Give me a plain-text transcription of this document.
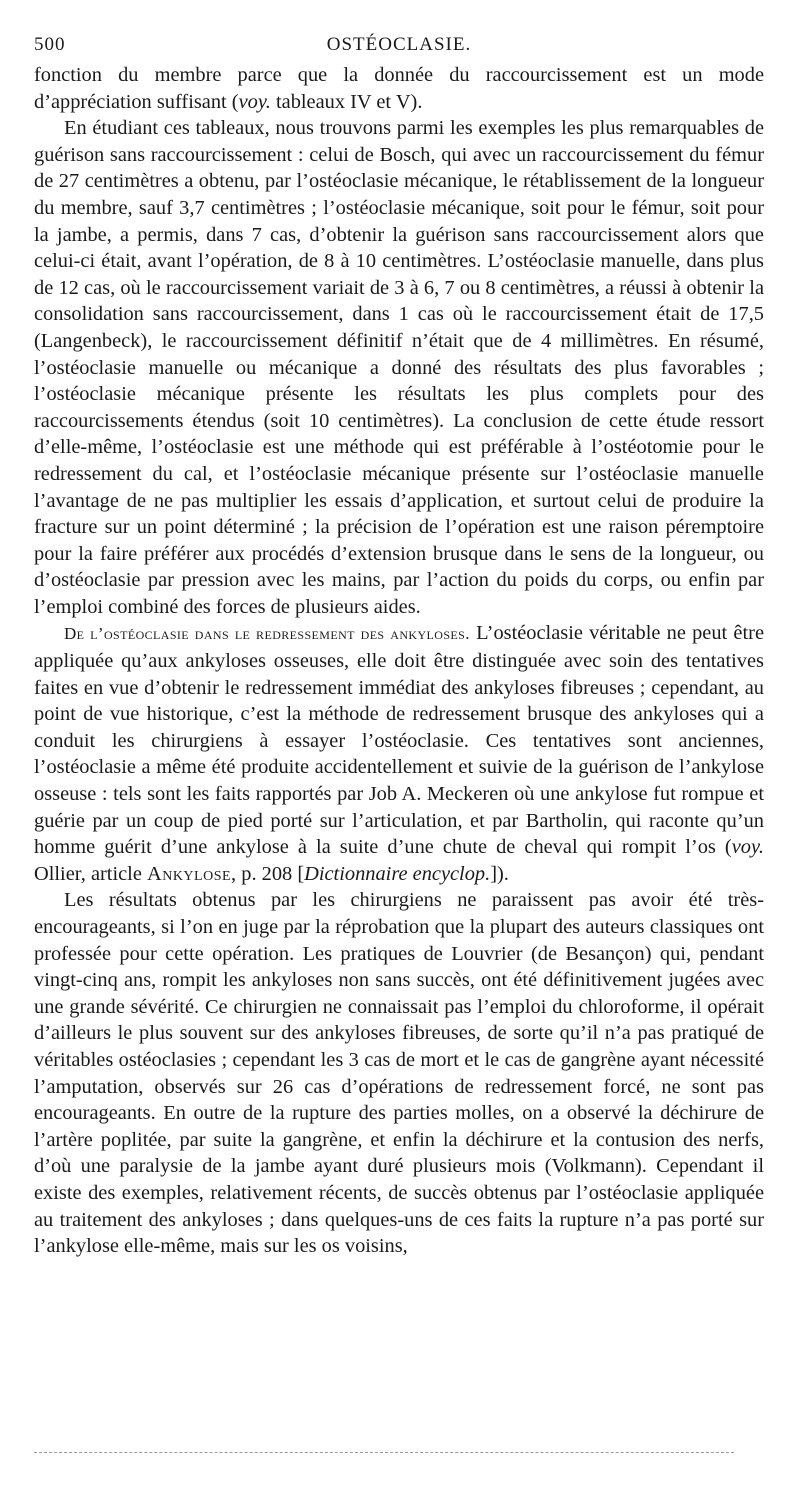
500	OSTÉOCLASIE.

fonction du membre parce que la donnée du raccourcissement est un mode d’appréciation suffisant (voy. tableaux IV et V).

En étudiant ces tableaux, nous trouvons parmi les exemples les plus remarquables de guérison sans raccourcissement : celui de Bosch, qui avec un raccourcissement du fémur de 27 centimètres a obtenu, par l’ostéoclasie mécanique, le rétablissement de la longueur du membre, sauf 3,7 centimètres ; l’ostéoclasie mécanique, soit pour le fémur, soit pour la jambe, a permis, dans 7 cas, d’obtenir la guérison sans raccourcissement alors que celui-ci était, avant l’opération, de 8 à 10 centimètres. L’ostéoclasie manuelle, dans plus de 12 cas, où le raccourcissement variait de 3 à 6, 7 ou 8 centimètres, a réussi à obtenir la consolidation sans raccourcissement, dans 1 cas où le raccourcissement était de 17,5 (Langenbeck), le raccourcissement définitif n’était que de 4 millimètres. En résumé, l’ostéoclasie manuelle ou mécanique a donné des résultats des plus favorables ; l’ostéoclasie mécanique présente les résultats les plus complets pour des raccourcissements étendus (soit 10 centimètres). La conclusion de cette étude ressort d’elle-même, l’ostéoclasie est une méthode qui est préférable à l’ostéotomie pour le redressement du cal, et l’ostéoclasie mécanique présente sur l’ostéoclasie manuelle l’avantage de ne pas multiplier les essais d’application, et surtout celui de produire la fracture sur un point déterminé ; la précision de l’opération est une raison péremptoire pour la faire préférer aux procédés d’extension brusque dans le sens de la longueur, ou d’ostéoclasie par pression avec les mains, par l’action du poids du corps, ou enfin par l’emploi combiné des forces de plusieurs aides.

De l’ostéoclasie dans le redressement des ankyloses. L’ostéoclasie véritable ne peut être appliquée qu’aux ankyloses osseuses, elle doit être distinguée avec soin des tentatives faites en vue d’obtenir le redressement immédiat des ankyloses fibreuses ; cependant, au point de vue historique, c’est la méthode de redressement brusque des ankyloses qui a conduit les chirurgiens à essayer l’ostéoclasie. Ces tentatives sont anciennes, l’ostéoclasie a même été produite accidentellement et suivie de la guérison de l’ankylose osseuse : tels sont les faits rapportés par Job A. Meckeren où une ankylose fut rompue et guérie par un coup de pied porté sur l’articulation, et par Bartholin, qui raconte qu’un homme guérit d’une ankylose à la suite d’une chute de cheval qui rompit l’os (voy. Ollier, article Ankylose, p. 208 [Dictionnaire encyclop.]).

Les résultats obtenus par les chirurgiens ne paraissent pas avoir été très-encourageants, si l’on en juge par la réprobation que la plupart des auteurs classiques ont professée pour cette opération. Les pratiques de Louvrier (de Besançon) qui, pendant vingt-cinq ans, rompit les ankyloses non sans succès, ont été définitivement jugées avec une grande sévérité. Ce chirurgien ne connaissait pas l’emploi du chloroforme, il opérait d’ailleurs le plus souvent sur des ankyloses fibreuses, de sorte qu’il n’a pas pratiqué de véritables ostéoclasies ; cependant les 3 cas de mort et le cas de gangrène ayant nécessité l’amputation, observés sur 26 cas d’opérations de redressement forcé, ne sont pas encourageants. En outre de la rupture des parties molles, on a observé la déchirure de l’artère poplitée, par suite la gangrène, et enfin la déchirure et la contusion des nerfs, d’où une paralysie de la jambe ayant duré plusieurs mois (Volkmann). Cependant il existe des exemples, relativement récents, de succès obtenus par l’ostéoclasie appliquée au traitement des ankyloses ; dans quelques-uns de ces faits la rupture n’a pas porté sur l’ankylose elle-même, mais sur les os voisins,
